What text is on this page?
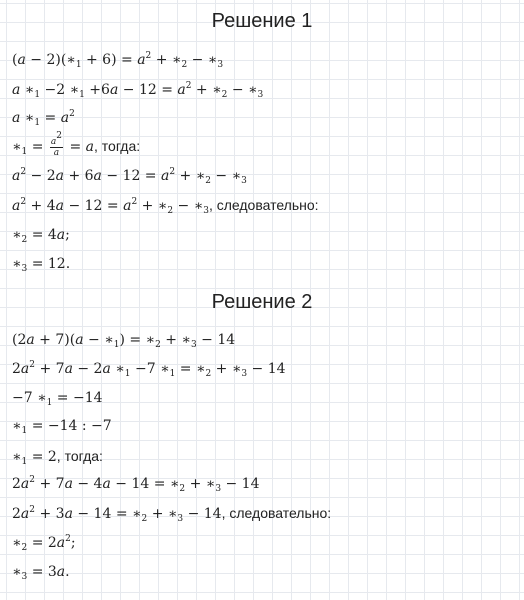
Решение 1
$(a - 2)(∗_1 + 6) = a^2$ + $∗_2$ − $∗_3$
a $∗_1 -2$ $∗_1 +6a - 12 = a^2$ + $∗_2$ − $∗_3$
a $∗_1 = a^2$
$∗_1 = \frac{a^2}{a} = a$, тогда:
$a^2 - 2a + 6a - 12 = a^2$ + $∗_2$ − $∗_3$
$a^2 + 4a - 12 = a^2$ + $∗_2$ − $∗_3$, следовательно:
$∗_2 = 4a$;
$∗_3 = 12$.
Решение 2
$(2a + 7)(a - ∗_1)$ = $∗_2$ + $∗_3 - 14$
$2a^2 + 7a - 2a$ $∗_1 -7$ $∗_1$ = $∗_2$ + $∗_3 - 14$
−7 $∗_1 = -14$
$∗_1 = -14$ : −7
$∗_1 = 2$, тогда:
$2a^2 + 7a - 4a - 14$ = $∗_2$ + $∗_3 - 14$
$2a^2 + 3a - 14$ = $∗_2$ + $∗_3 - 14$, следовательно:
$∗_2 = 2a^2$;
$∗_3 = 3a$.
